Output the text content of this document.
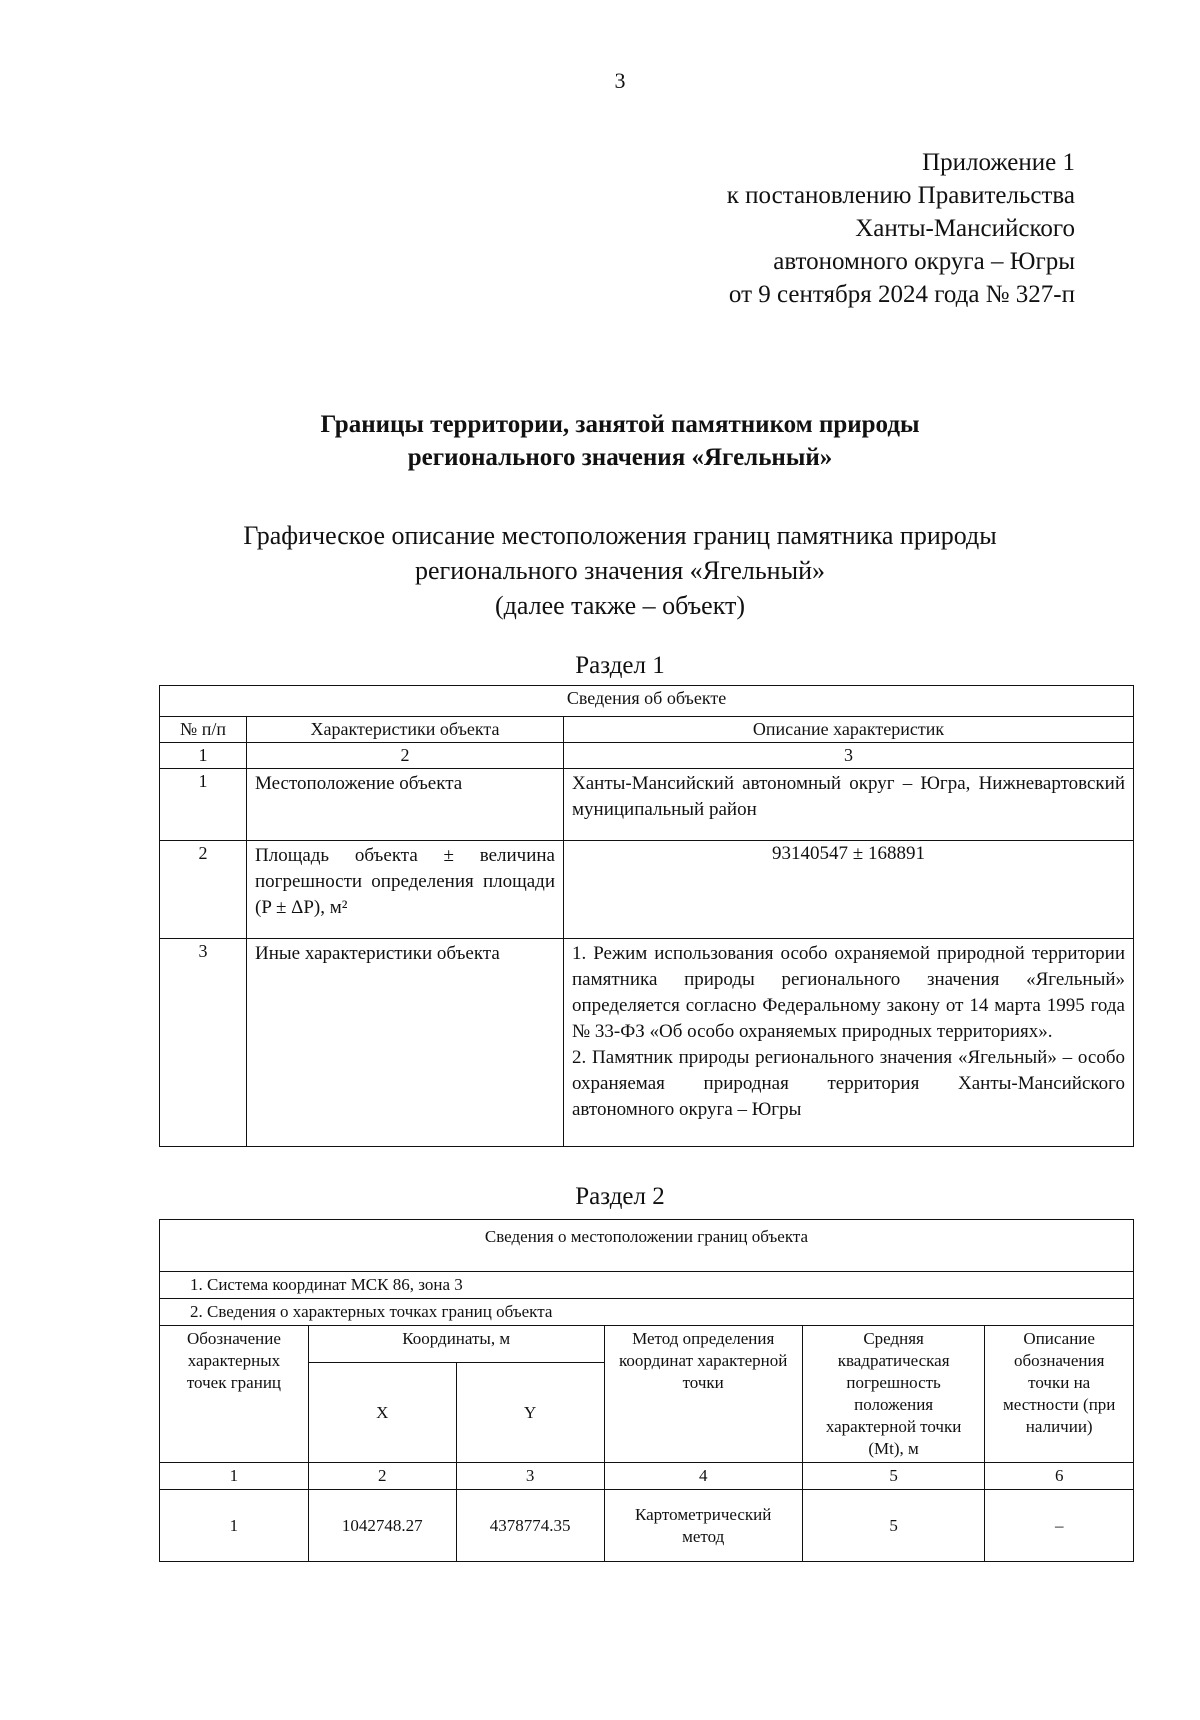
3
Приложение 1
к постановлению Правительства
Ханты-Мансийского
автономного округа – Югры
от 9 сентября 2024 года № 327-п
Границы территории, занятой памятником природы
регионального значения «Ягельный»
Графическое описание местоположения границ памятника природы
регионального значения «Ягельный»
(далее также – объект)
Раздел 1
Сведения об объекте		
№ п/п	Характеристики объекта	Описание характеристик
1	2	3
1	Местоположение объекта	Ханты-Мансийский автономный округ – Югра, Нижневартовский муниципальный район
2	Площадь объекта ± величина погрешности определения площади (P ± ΔP), м²	93140547 ± 168891
3	Иные характеристики объекта	1. Режим использования особо охраняемой природной территории памятника природы регионального значения «Ягельный» определяется согласно Федеральному закону от 14 марта 1995 года № 33-ФЗ «Об особо охраняемых природных территориях».
2. Памятник природы регионального значения «Ягельный» – особо охраняемая природная территория Ханты-Мансийского автономного округа – Югры
Раздел 2
Сведения о местоположении границ объекта					
1. Система координат МСК 86, зона 3					
2. Сведения о характерных точках границ объекта					
Обозначение характерных точек границ	Координаты, м		Метод определения координат характерной точки	Средняя квадратическая погрешность положения характерной точки (Mt), м	Описание обозначения точки на местности (при наличии)
	X	Y			
1	2	3	4	5	6
1	1042748.27	4378774.35	Картометрический метод	5	–
